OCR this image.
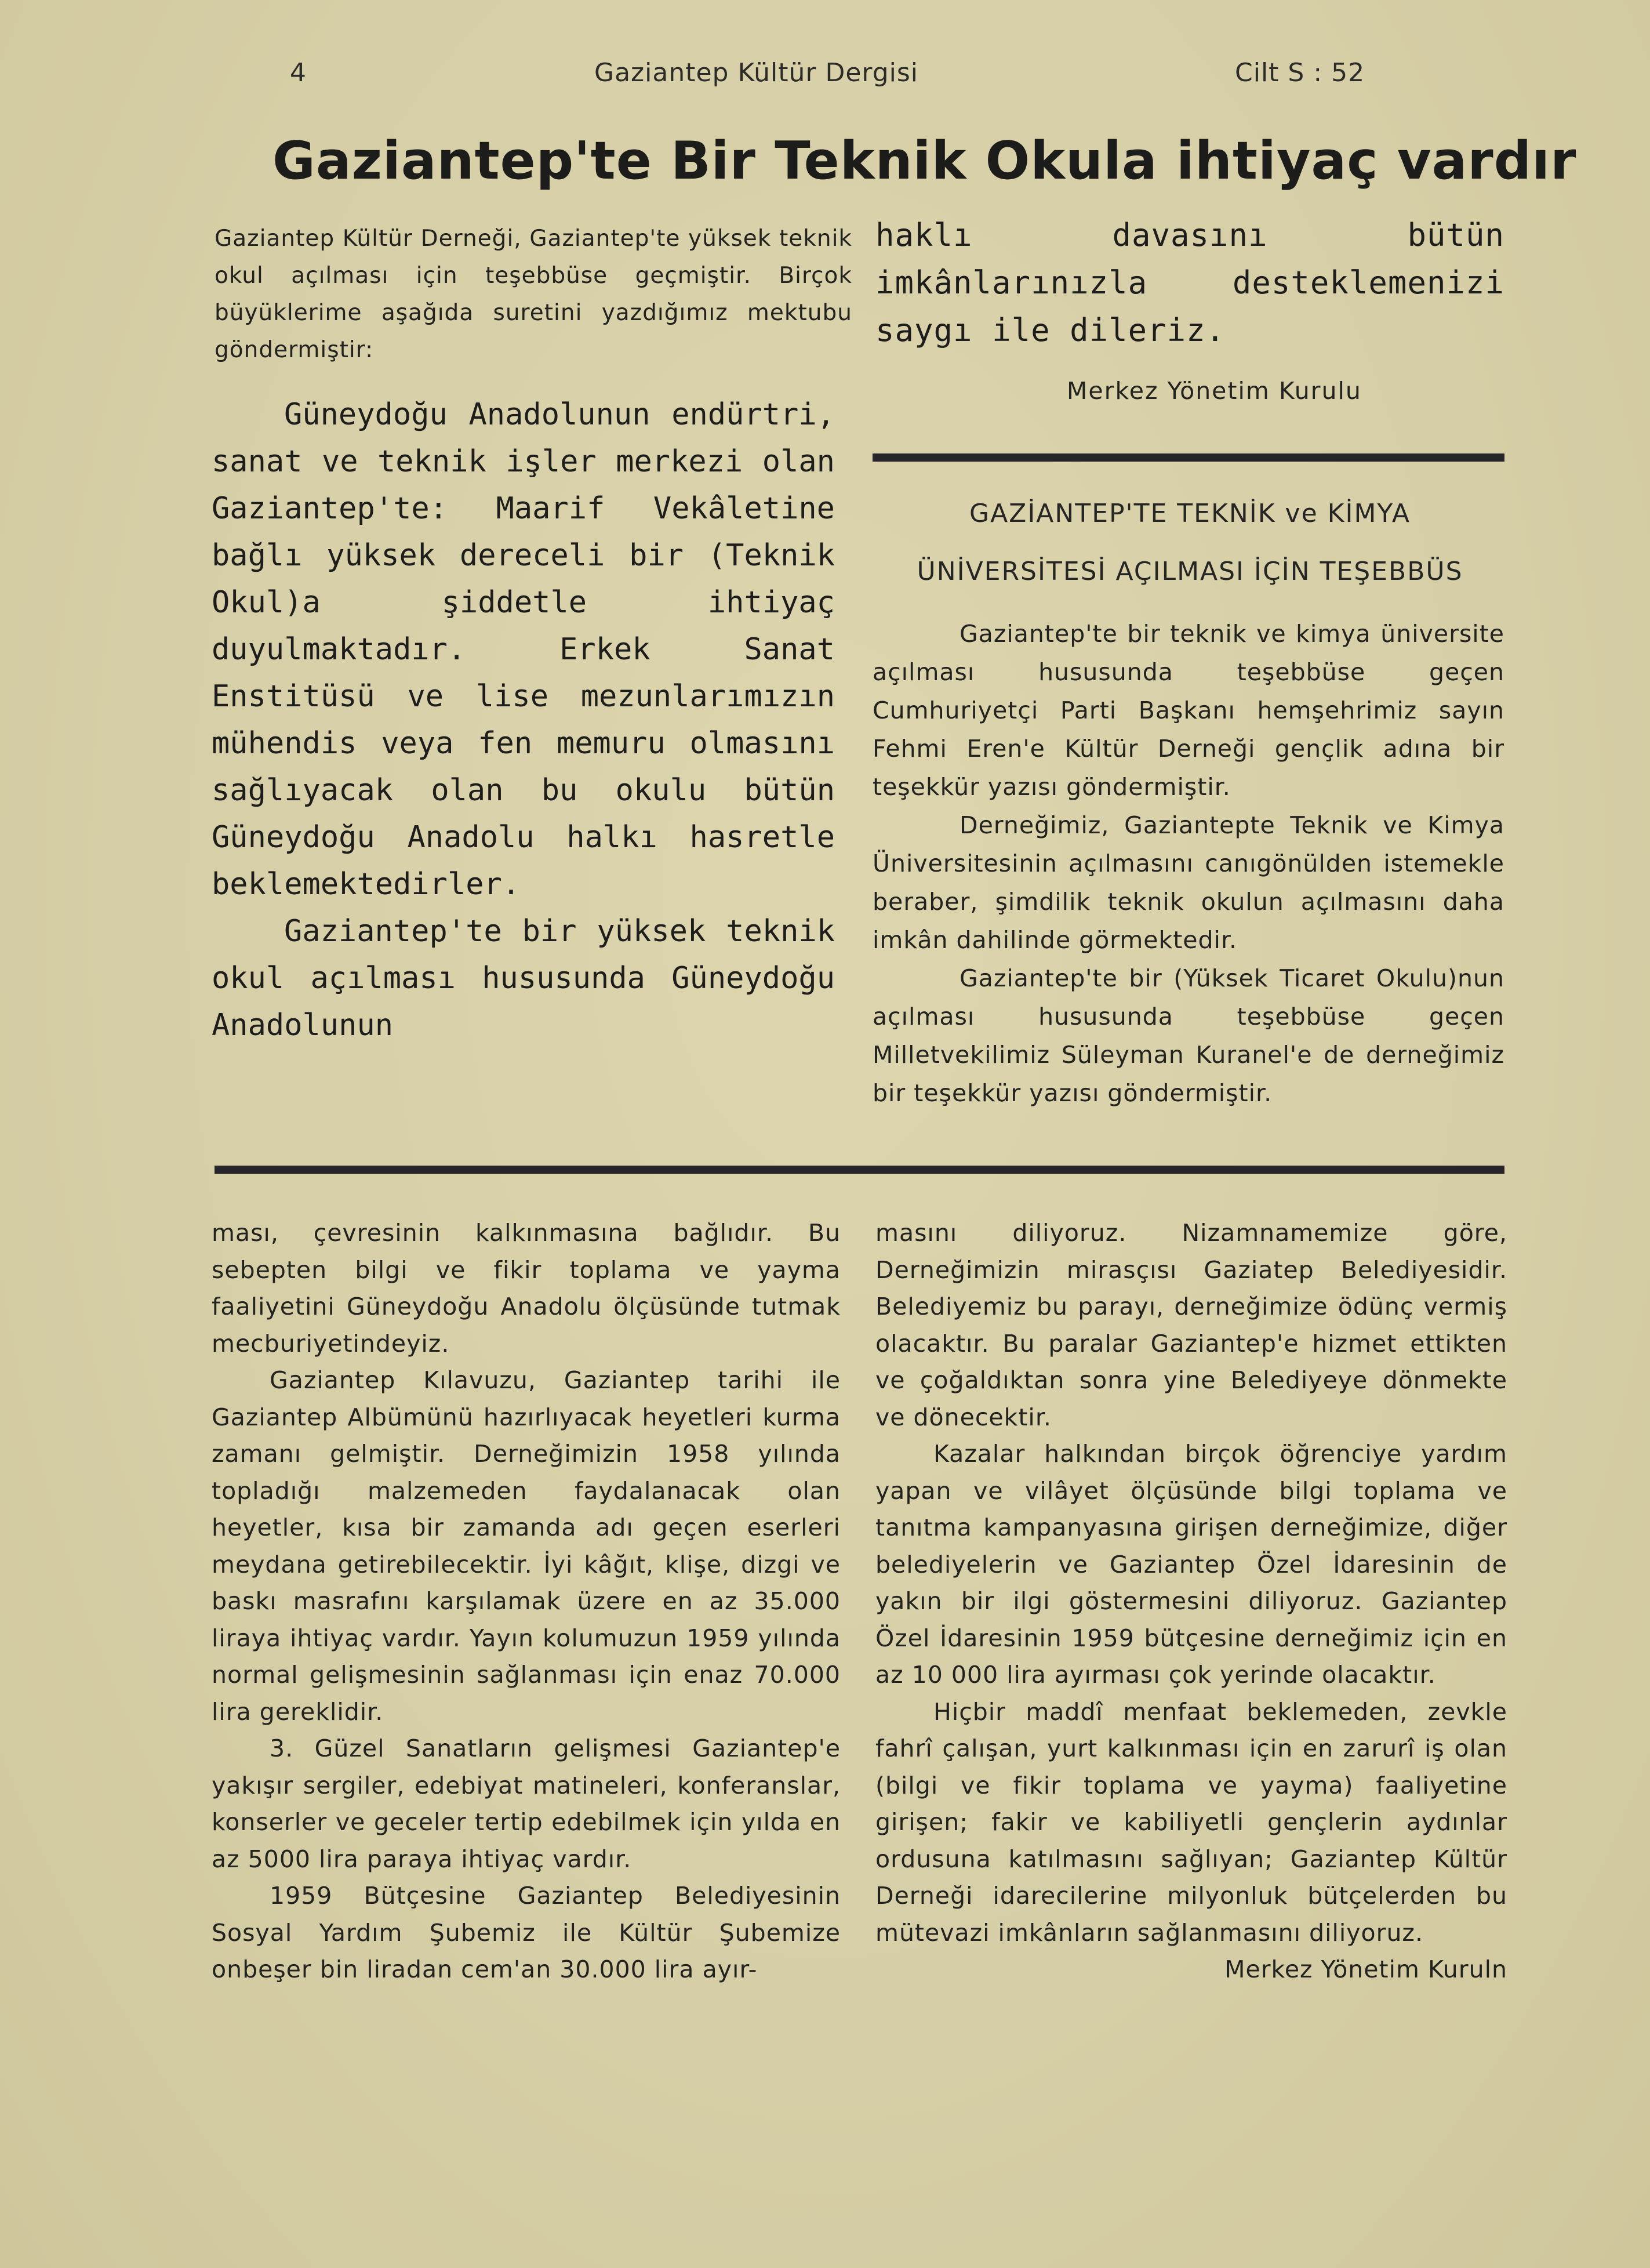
4	Gaziantep Kültür Dergisi	Cilt S : 52
Gaziantep'te Bir Teknik Okula ihtiyaç vardır

Gaziantep Kültür Derneği, Gaziantep'te yüksek teknik okul açılması için teşebbüse geçmiştir. Birçok büyüklerime aşağıda suretini yazdığımız mektubu göndermiştir:

Güneydoğu Anadolunun endürtri, sanat ve teknik işler merkezi olan Gaziantep'te: Maarif Vekâletine bağlı yüksek dereceli bir (Teknik Okul)a şiddetle ihtiyaç duyulmaktadır. Erkek Sanat Enstitüsü ve lise mezunlarımızın mühendis veya fen memuru olmasını sağlıyacak olan bu okulu bütün Güneydoğu Anadolu halkı hasretle beklemektedirler.

Gaziantep'te bir yüksek teknik okul açılması hususunda Güneydoğu Anadolunun

haklı davasını bütün imkânlarınızla desteklemenizi saygı ile dileriz.

Merkez Yönetim Kurulu
GAZİANTEP'TE TEKNİK ve KİMYA
ÜNİVERSİTESİ AÇILMASI İÇİN TEŞEBBÜS

Gaziantep'te bir teknik ve kimya üniversite açılması hususunda teşebbüse geçen Cumhuriyetçi Parti Başkanı hemşehrimiz sayın Fehmi Eren'e Kültür Derneği gençlik adına bir teşekkür yazısı göndermiştir.

Derneğimiz, Gaziantepte Teknik ve Kimya Üniversitesinin açılmasını canıgönülden istemekle beraber, şimdilik teknik okulun açılmasını daha imkân dahilinde görmektedir.

Gaziantep'te bir (Yüksek Ticaret Okulu)nun açılması hususunda teşebbüse geçen Milletvekilimiz Süleyman Kuranel'e de derneğimiz bir teşekkür yazısı göndermiştir.

ması, çevresinin kalkınmasına bağlıdır. Bu sebepten bilgi ve fikir toplama ve yayma faaliyetini Güneydoğu Anadolu ölçüsünde tutmak mecburiyetindeyiz.

Gaziantep Kılavuzu, Gaziantep tarihi ile Gaziantep Albümünü hazırlıyacak heyetleri kurma zamanı gelmiştir. Derneğimizin 1958 yılında topladığı malzemeden faydalanacak olan heyetler, kısa bir zamanda adı geçen eserleri meydana getirebilecektir. İyi kâğıt, klişe, dizgi ve baskı masrafını karşılamak üzere en az 35.000 liraya ihtiyaç vardır. Yayın kolumuzun 1959 yılında normal gelişmesinin sağlanması için enaz 70.000 lira gereklidir.

3. Güzel Sanatların gelişmesi Gaziantep'e yakışır sergiler, edebiyat matineleri, konferanslar, konserler ve geceler tertip edebilmek için yılda en az 5000 lira paraya ihtiyaç vardır.

1959 Bütçesine Gaziantep Belediyesinin Sosyal Yardım Şubemiz ile Kültür Şubemize onbeşer bin liradan cem'an 30.000 lira ayır-

masını diliyoruz. Nizamnamemize göre, Derneğimizin mirasçısı Gaziatep Belediyesidir. Belediyemiz bu parayı, derneğimize ödünç vermiş olacaktır. Bu paralar Gaziantep'e hizmet ettikten ve çoğaldıktan sonra yine Belediyeye dönmekte ve dönecektir.

Kazalar halkından birçok öğrenciye yardım yapan ve vilâyet ölçüsünde bilgi toplama ve tanıtma kampanyasına girişen derneğimize, diğer belediyelerin ve Gaziantep Özel İdaresinin de yakın bir ilgi göstermesini diliyoruz. Gaziantep Özel İdaresinin 1959 bütçesine derneğimiz için en az 10 000 lira ayırması çok yerinde olacaktır.

Hiçbir maddî menfaat beklemeden, zevkle fahrî çalışan, yurt kalkınması için en zarurî iş olan (bilgi ve fikir toplama ve yayma) faaliyetine girişen; fakir ve kabiliyetli gençlerin aydınlar ordusuna katılmasını sağlıyan; Gaziantep Kültür Derneği idarecilerine milyonluk bütçelerden bu mütevazi imkânların sağlanmasını diliyoruz.

Merkez Yönetim Kuruln
